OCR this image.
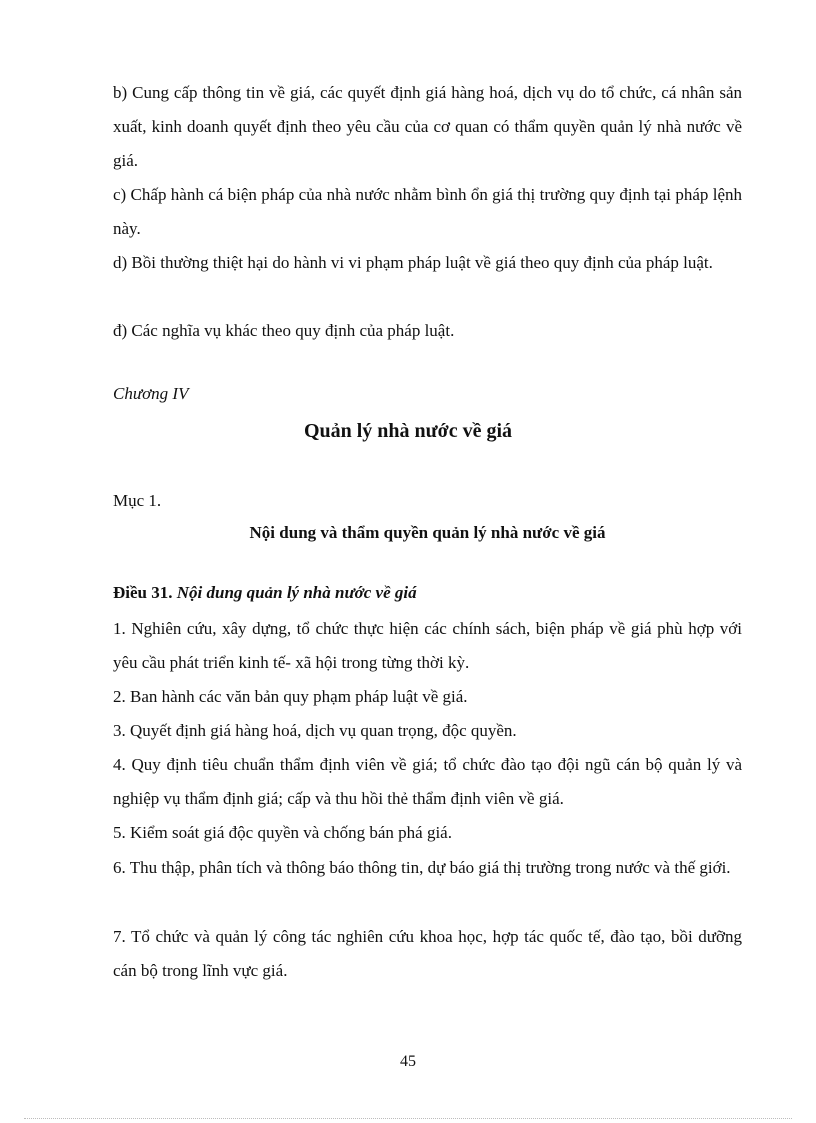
b) Cung cấp thông tin về giá, các quyết định giá hàng hoá, dịch vụ do tổ chức, cá nhân sản xuất, kinh doanh quyết định theo yêu cầu của cơ quan có thẩm quyền quản lý nhà nước về giá.
c) Chấp hành cá biện pháp của nhà nước nhằm bình ổn giá thị trường quy định tại pháp lệnh này.
d) Bồi thường thiệt hại do hành vi vi phạm pháp luật về giá theo quy định của pháp luật.
đ) Các nghĩa vụ khác theo quy định của pháp luật.
Chương IV
Quản lý nhà nước về giá
Mục 1.
Nội dung và thẩm quyền quản lý nhà nước về giá
Điều 31. Nội dung quản lý nhà nước về giá
1. Nghiên cứu, xây dựng, tổ chức thực hiện các chính sách, biện pháp về giá phù hợp với yêu cầu phát triển kinh tế- xã hội trong từng thời kỳ.
2. Ban hành các văn bản quy phạm pháp luật về giá.
3. Quyết định giá hàng hoá, dịch vụ quan trọng, độc quyền.
4. Quy định tiêu chuẩn thẩm định viên về giá; tổ chức đào tạo đội ngũ cán bộ quản lý và nghiệp vụ thẩm định giá; cấp và thu hồi thẻ thẩm định viên về giá.
5. Kiểm soát giá độc quyền và chống bán phá giá.
6. Thu thập, phân tích và thông báo thông tin, dự báo giá thị trường trong nước và thế giới.
7. Tổ chức và quản lý công tác nghiên cứu khoa học, hợp tác quốc tế, đào tạo, bồi dưỡng cán bộ trong lĩnh vực giá.
45
